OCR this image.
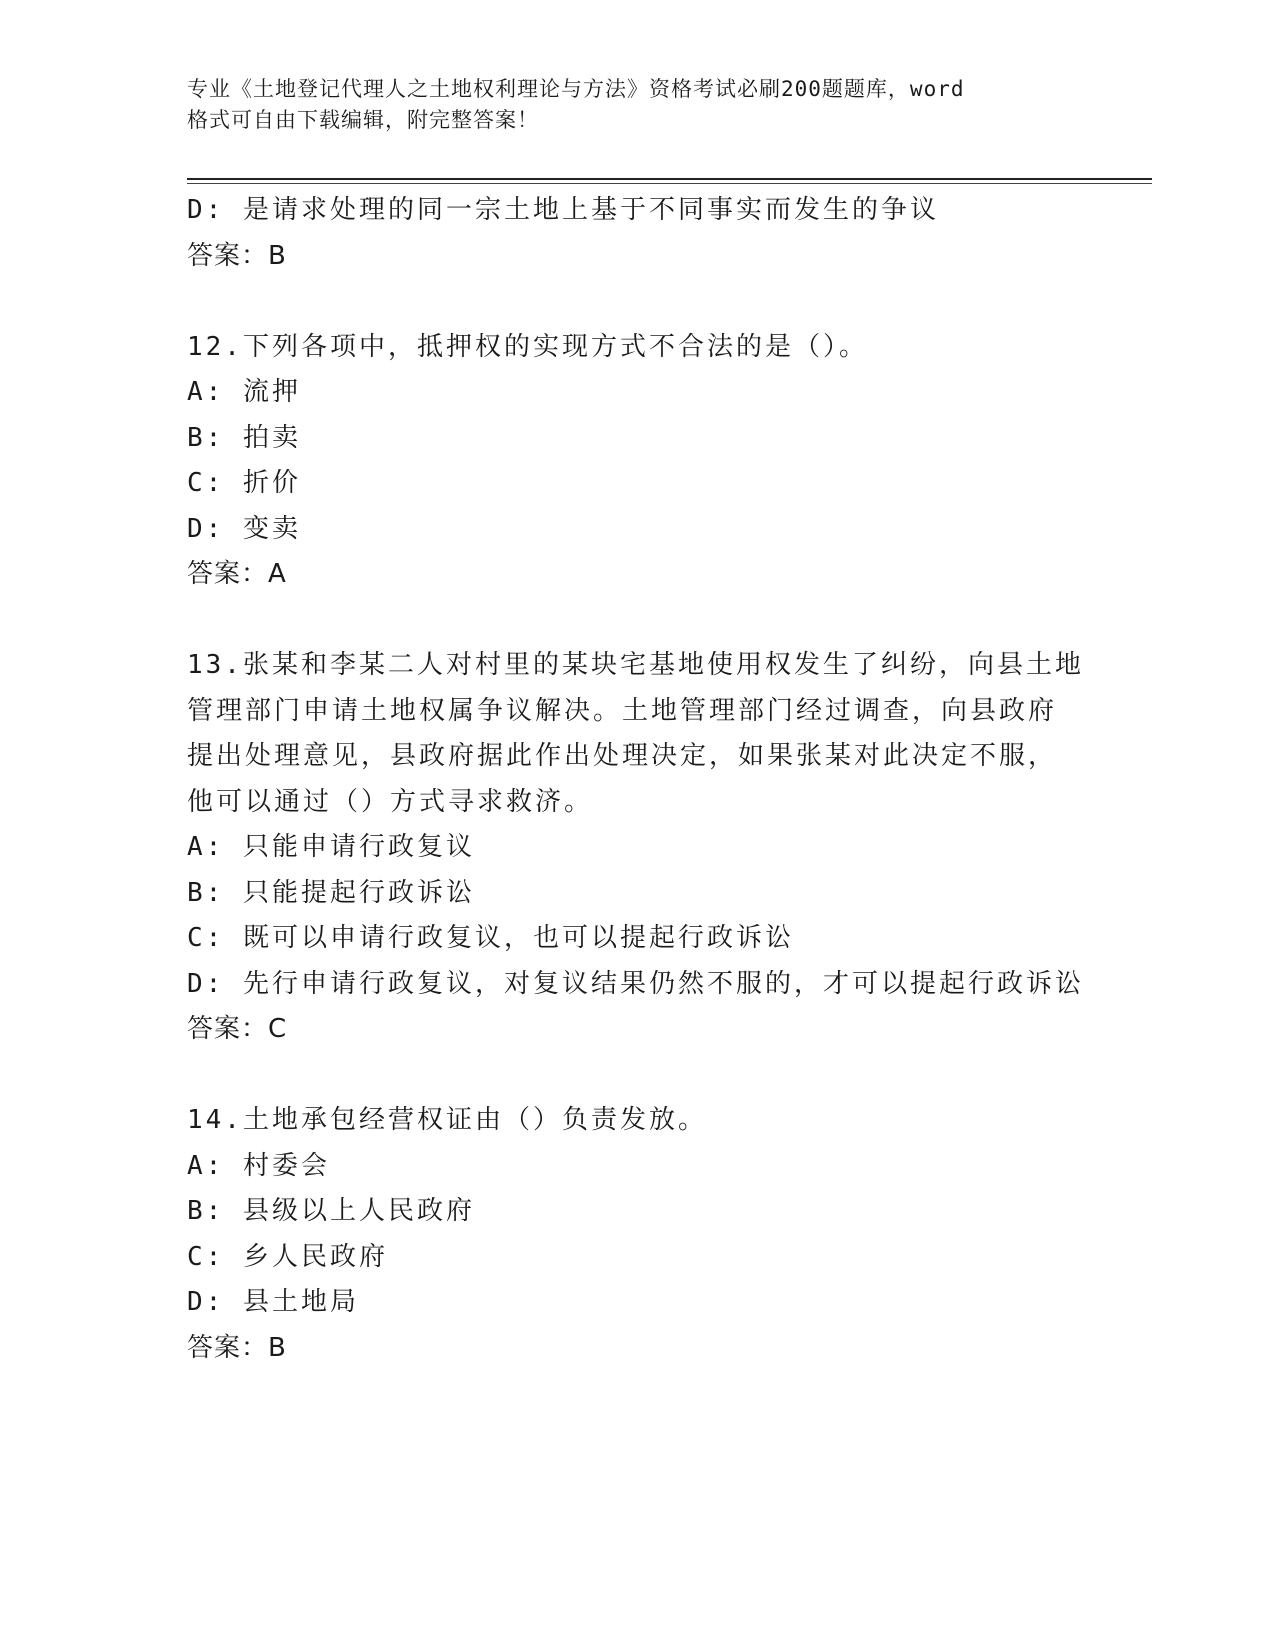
专业《土地登记代理人之土地权利理论与方法》资格考试必刷200题题库，word
格式可自由下载编辑，附完整答案！
D: 是请求处理的同一宗土地上基于不同事实而发生的争议
答案：B
12.下列各项中，抵押权的实现方式不合法的是（）。
A: 流押
B: 拍卖
C: 折价
D: 变卖
答案：A
13.张某和李某二人对村里的某块宅基地使用权发生了纠纷，向县土地
管理部门申请土地权属争议解决。土地管理部门经过调查，向县政府
提出处理意见，县政府据此作出处理决定，如果张某对此决定不服，
他可以通过（）方式寻求救济。
A: 只能申请行政复议
B: 只能提起行政诉讼
C: 既可以申请行政复议，也可以提起行政诉讼
D: 先行申请行政复议，对复议结果仍然不服的，才可以提起行政诉讼
答案：C
14.土地承包经营权证由（）负责发放。
A: 村委会
B: 县级以上人民政府
C: 乡人民政府
D: 县土地局
答案：B
